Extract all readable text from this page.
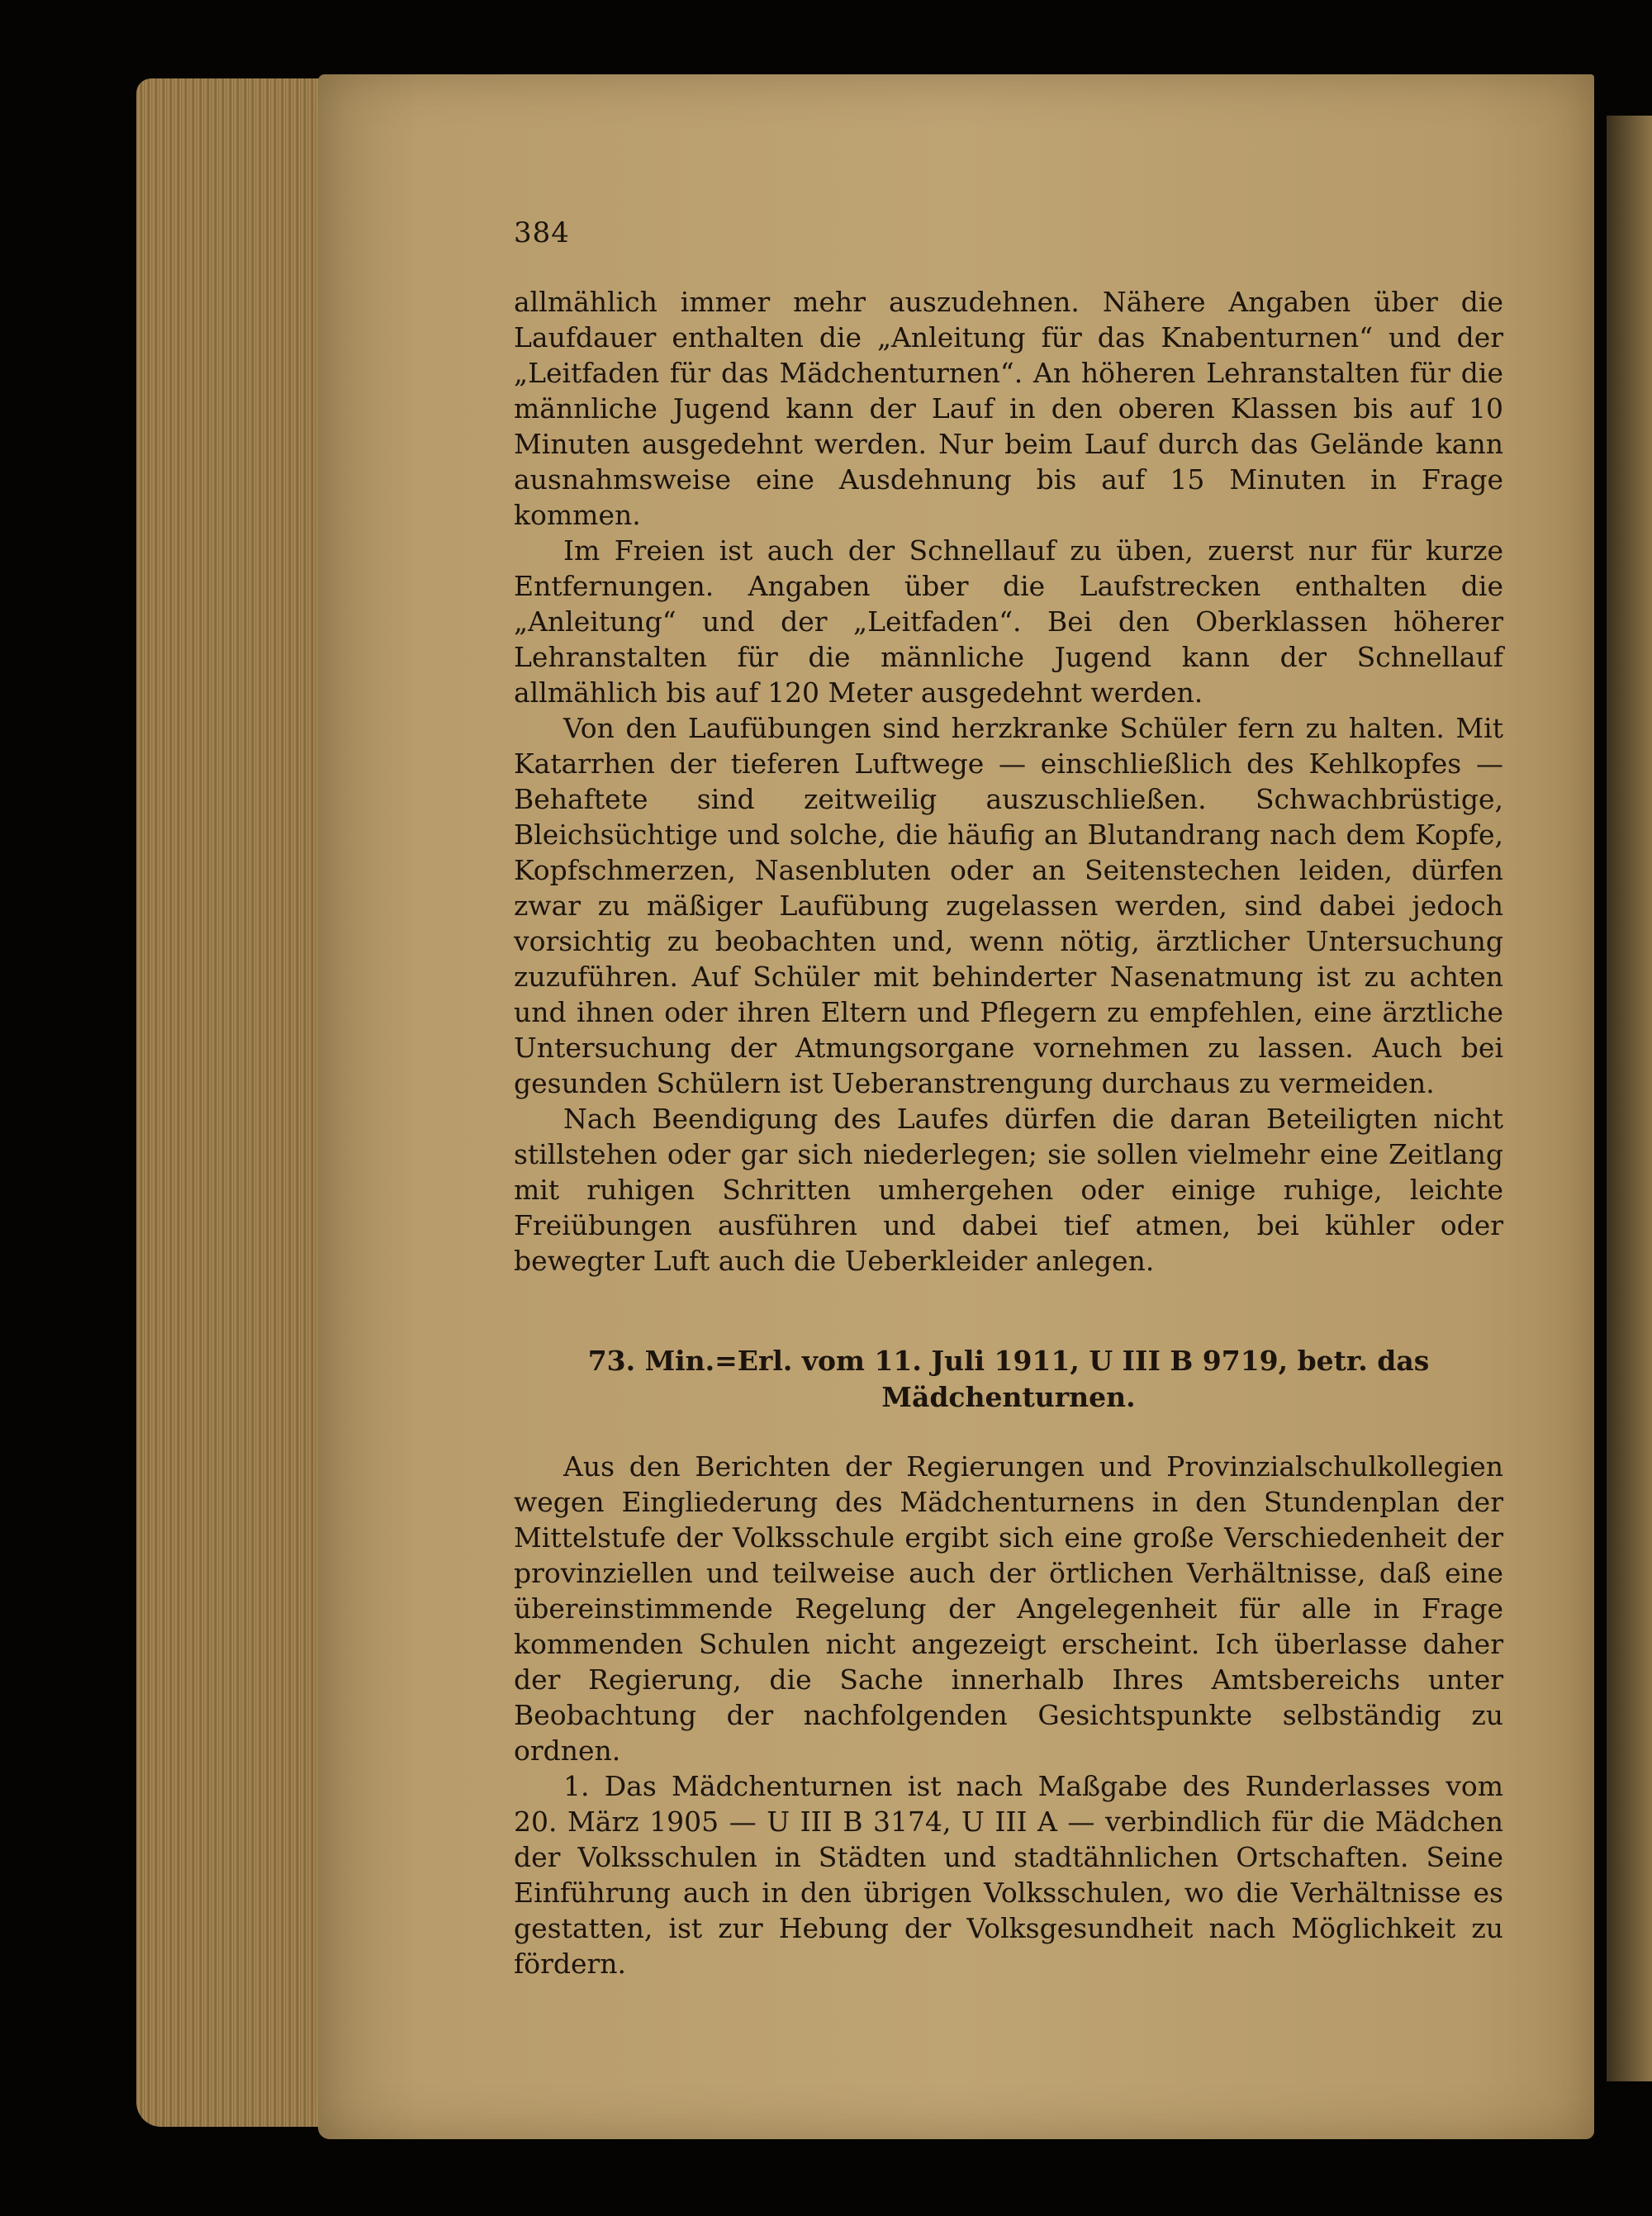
384

allmählich immer mehr auszudehnen. Nähere Angaben über die Laufdauer enthalten die „Anleitung für das Knabenturnen“ und der „Leitfaden für das Mädchenturnen“. An höheren Lehranstalten für die männliche Jugend kann der Lauf in den oberen Klassen bis auf 10 Minuten ausgedehnt werden. Nur beim Lauf durch das Gelände kann ausnahmsweise eine Ausdehnung bis auf 15 Minuten in Frage kommen.

Im Freien ist auch der Schnellauf zu üben, zuerst nur für kurze Entfernungen. Angaben über die Laufstrecken enthalten die „Anleitung“ und der „Leitfaden“. Bei den Oberklassen höherer Lehranstalten für die männliche Jugend kann der Schnellauf allmählich bis auf 120 Meter ausgedehnt werden.

Von den Laufübungen sind herzkranke Schüler fern zu halten. Mit Katarrhen der tieferen Luftwege — einschließlich des Kehlkopfes — Behaftete sind zeitweilig auszuschließen. Schwachbrüstige, Bleichsüchtige und solche, die häufig an Blutandrang nach dem Kopfe, Kopfschmerzen, Nasenbluten oder an Seitenstechen leiden, dürfen zwar zu mäßiger Laufübung zugelassen werden, sind dabei jedoch vorsichtig zu beobachten und, wenn nötig, ärztlicher Untersuchung zuzuführen. Auf Schüler mit behinderter Nasenatmung ist zu achten und ihnen oder ihren Eltern und Pflegern zu empfehlen, eine ärztliche Untersuchung der Atmungsorgane vornehmen zu lassen. Auch bei gesunden Schülern ist Ueberanstrengung durchaus zu vermeiden.

Nach Beendigung des Laufes dürfen die daran Beteiligten nicht stillstehen oder gar sich niederlegen; sie sollen vielmehr eine Zeitlang mit ruhigen Schritten umhergehen oder einige ruhige, leichte Freiübungen ausführen und dabei tief atmen, bei kühler oder bewegter Luft auch die Ueberkleider anlegen.

73. Min.=Erl. vom 11. Juli 1911, U III B 9719, betr. das Mädchenturnen.

Aus den Berichten der Regierungen und Provinzialschulkollegien wegen Eingliederung des Mädchenturnens in den Stundenplan der Mittelstufe der Volksschule ergibt sich eine große Verschiedenheit der provinziellen und teilweise auch der örtlichen Verhältnisse, daß eine übereinstimmende Regelung der Angelegenheit für alle in Frage kommenden Schulen nicht angezeigt erscheint. Ich überlasse daher der Regierung, die Sache innerhalb Ihres Amtsbereichs unter Beobachtung der nachfolgenden Gesichtspunkte selbständig zu ordnen.

1. Das Mädchenturnen ist nach Maßgabe des Runderlasses vom 20. März 1905 — U III B 3174, U III A — verbindlich für die Mädchen der Volksschulen in Städten und stadtähnlichen Ortschaften. Seine Einführung auch in den übrigen Volksschulen, wo die Verhältnisse es gestatten, ist zur Hebung der Volksgesundheit nach Möglichkeit zu fördern.
